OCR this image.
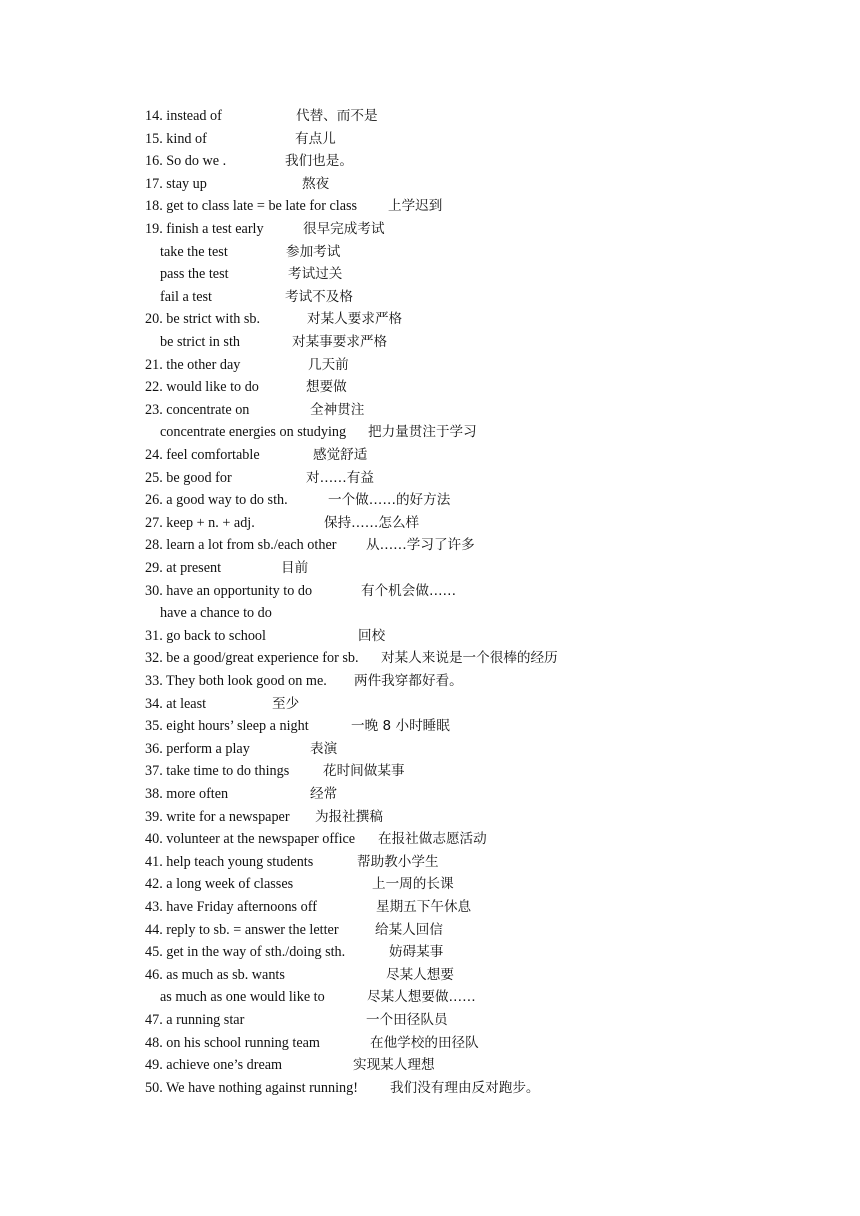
14. instead of	代替、而不是
15. kind of	有点儿
16. So do we .	我们也是。
17. stay up	熬夜
18. get to class late = be late for class 上学迟到
19. finish a test early	很早完成考试
take the test	参加考试
pass the test	考试过关
fail a test	考试不及格
20. be strict with sb.	对某人要求严格
be strict in sth	对某事要求严格
21. the other day	几天前
22. would like to do	想要做
23. concentrate on	全神贯注
concentrate energies on studying 把力量贯注于学习
24. feel comfortable	感觉舒适
25. be good for	对……有益
26. a good way to do sth.	一个做……的好方法
27. keep + n. + adj.	保持……怎么样
28. learn a lot from sb./each other 从……学习了许多
29. at present	目前
30. have an opportunity to do	有个机会做……
have a chance to do
31. go back to school	回校
32. be a good/great experience for sb. 对某人来说是一个很棒的经历
33. They both look good on me. 两件我穿都好看。
34. at least	至少
35. eight hours’ sleep a night	一晚 8 小时睡眠
36. perform a play	表演
37. take time to do things 花时间做某事
38. more often	经常
39. write for a newspaper 为报社撰稿
40. volunteer at the newspaper office 在报社做志愿活动
41. help teach young students	帮助教小学生
42. a long week of classes	上一周的长课
43. have Friday afternoons off	星期五下午休息
44. reply to sb. = answer the letter	给某人回信
45. get in the way of sth./doing sth.	妨碍某事
46. as much as sb. wants	尽某人想要
as much as one would like to	尽某人想要做……
47. a running star	一个田径队员
48. on his school running team	在他学校的田径队
49. achieve one’s dream	实现某人理想
50. We have nothing against running! 我们没有理由反对跑步。
